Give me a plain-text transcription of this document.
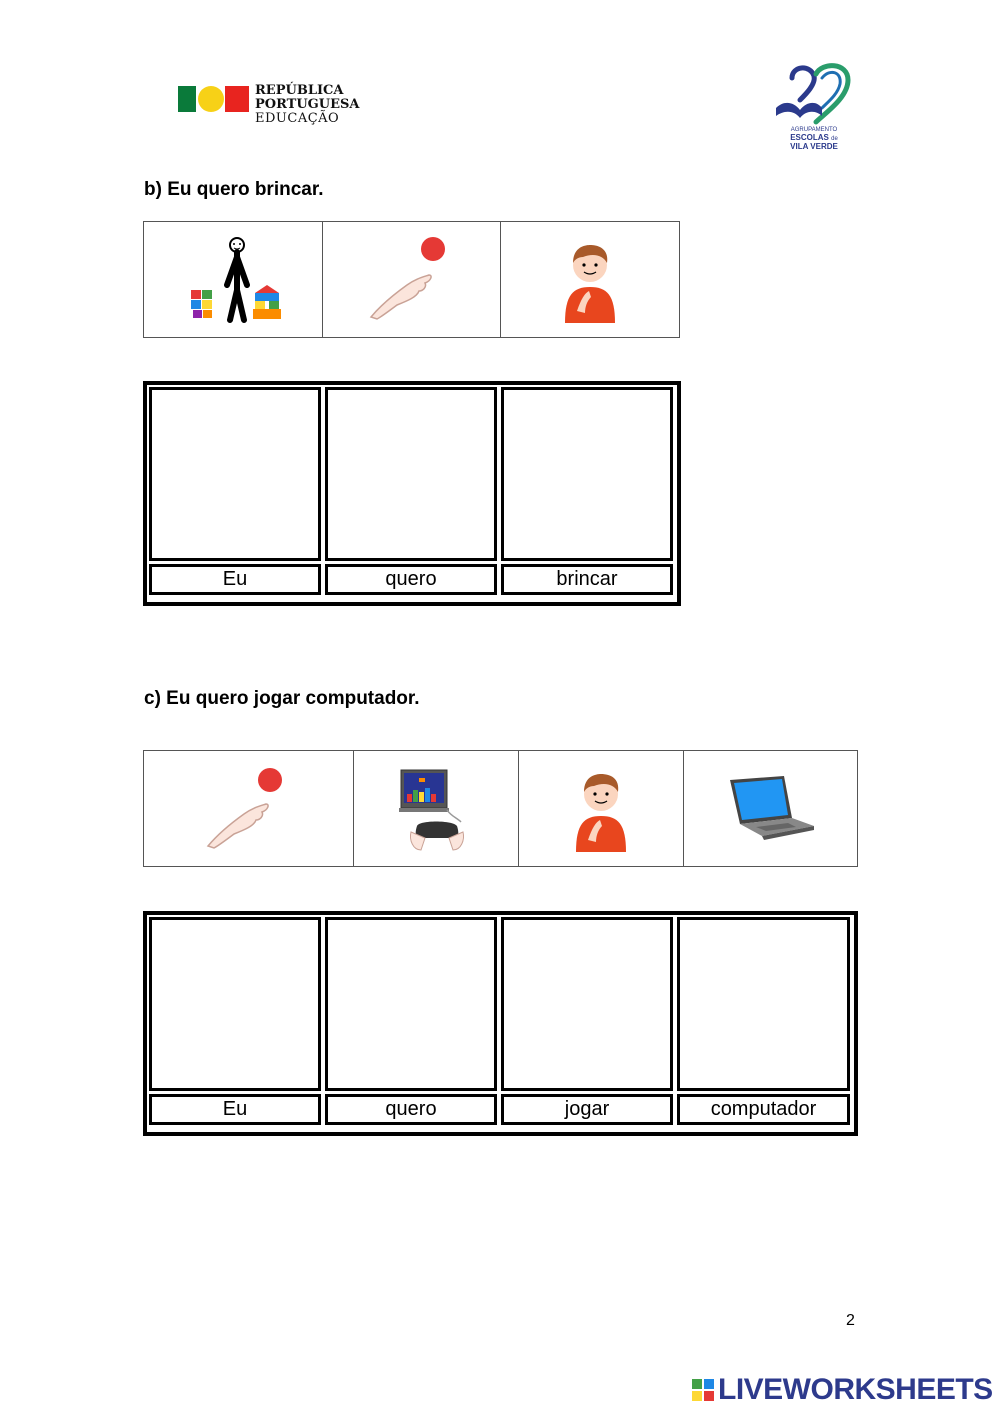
REPÚBLICA
PORTUGUESA
EDUCAÇÃO
AGRUPAMENTO
ESCOLAS de
VILA VERDE
b) Eu quero brincar.
Eu	quero	brincar
c) Eu quero jogar computador.
Eu	quero	jogar	computador
2
LIVEWORKSHEETS
